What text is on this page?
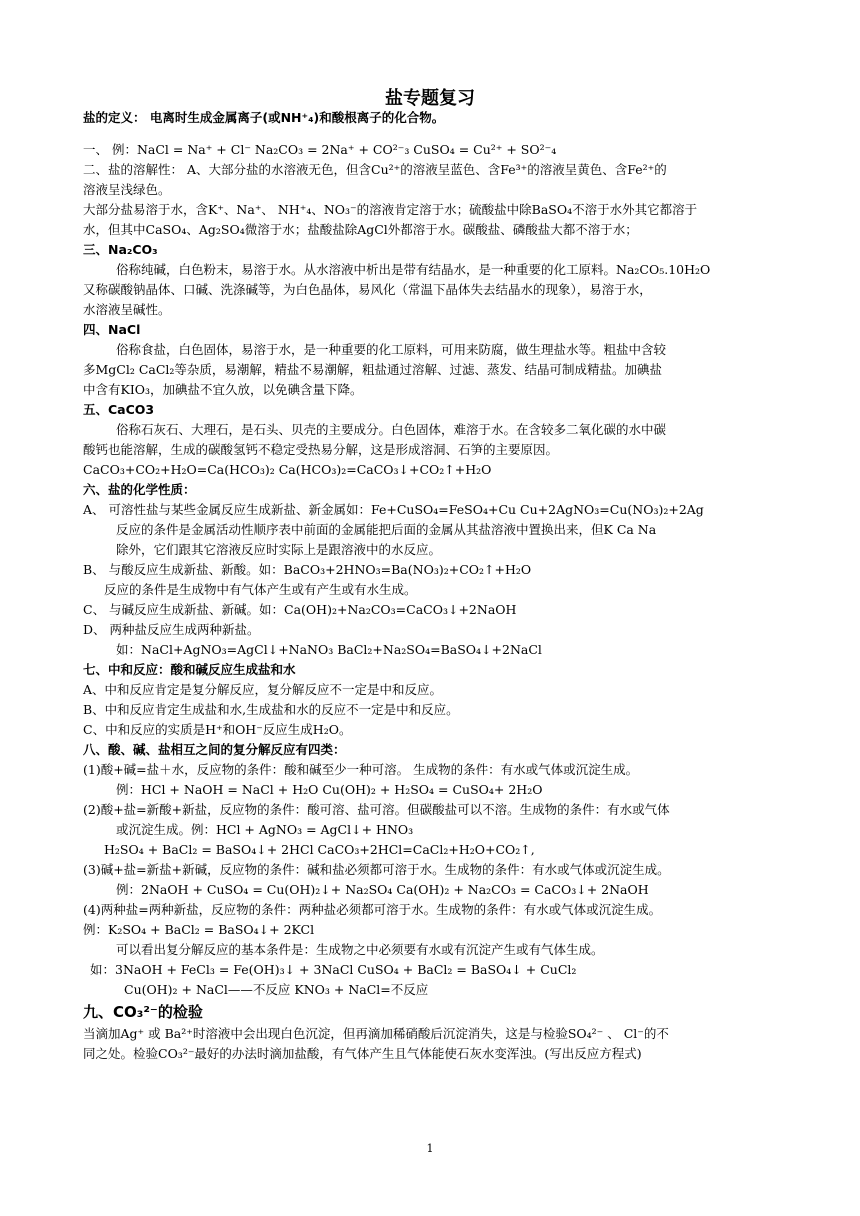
盐专题复习
盐的定义： 电离时生成金属离子(或NH⁺₄)和酸根离子的化合物。
一、 例：NaCl = Na⁺ + Cl⁻ Na₂CO₃ = 2Na⁺ + CO²⁻₃ CuSO₄ = Cu²⁺ + SO²⁻₄
二、盐的溶解性： A、大部分盐的水溶液无色，但含Cu²⁺的溶液呈蓝色、含Fe³⁺的溶液呈黄色、含Fe²⁺的
溶液呈浅绿色。
大部分盐易溶于水，含K⁺、Na⁺、 NH⁺₄、NO₃⁻的溶液肯定溶于水；硫酸盐中除BaSO₄不溶于水外其它都溶于
水，但其中CaSO₄、Ag₂SO₄微溶于水；盐酸盐除AgCl外都溶于水。碳酸盐、磷酸盐大都不溶于水；
三、Na₂CO₃
俗称纯碱，白色粉末，易溶于水。从水溶液中析出是带有结晶水，是一种重要的化工原料。Na₂CO₅.10H₂O
又称碳酸钠晶体、口碱、洗涤碱等，为白色晶体，易风化（常温下晶体失去结晶水的现象），易溶于水，
水溶液呈碱性。
四、NaCl
俗称食盐，白色固体，易溶于水，是一种重要的化工原料，可用来防腐，做生理盐水等。粗盐中含较
多MgCl₂ CaCl₂等杂质，易潮解，精盐不易潮解，粗盐通过溶解、过滤、蒸发、结晶可制成精盐。加碘盐
中含有KIO₃，加碘盐不宜久放，以免碘含量下降。
五、CaCO3
俗称石灰石、大理石，是石头、贝壳的主要成分。白色固体，难溶于水。在含较多二氧化碳的水中碳
酸钙也能溶解，生成的碳酸氢钙不稳定受热易分解，这是形成溶洞、石笋的主要原因。
CaCO₃+CO₂+H₂O=Ca(HCO₃)₂ Ca(HCO₃)₂=CaCO₃↓+CO₂↑+H₂O
六、盐的化学性质：
A、 可溶性盐与某些金属反应生成新盐、新金属如：Fe+CuSO₄=FeSO₄+Cu Cu+2AgNO₃=Cu(NO₃)₂+2Ag
反应的条件是金属活动性顺序表中前面的金属能把后面的金属从其盐溶液中置换出来，但K Ca Na
除外，它们跟其它溶液反应时实际上是跟溶液中的水反应。
B、 与酸反应生成新盐、新酸。如：BaCO₃+2HNO₃=Ba(NO₃)₂+CO₂↑+H₂O
反应的条件是生成物中有气体产生或有产生或有水生成。
C、 与碱反应生成新盐、新碱。如：Ca(OH)₂+Na₂CO₃=CaCO₃↓+2NaOH
D、 两种盐反应生成两种新盐。
如：NaCl+AgNO₃=AgCl↓+NaNO₃ BaCl₂+Na₂SO₄=BaSO₄↓+2NaCl
七、中和反应：酸和碱反应生成盐和水
A、中和反应肯定是复分解反应，复分解反应不一定是中和反应。
B、中和反应肯定生成盐和水,生成盐和水的反应不一定是中和反应。
C、中和反应的实质是H⁺和OH⁻反应生成H₂O。
八、酸、碱、盐相互之间的复分解反应有四类：
(1)酸+碱=盐＋水，反应物的条件：酸和碱至少一种可溶。 生成物的条件：有水或气体或沉淀生成。
例：HCl + NaOH = NaCl + H₂O Cu(OH)₂ + H₂SO₄ = CuSO₄+ 2H₂O
(2)酸+盐=新酸+新盐，反应物的条件：酸可溶、盐可溶。但碳酸盐可以不溶。生成物的条件：有水或气体
或沉淀生成。例：HCl + AgNO₃ = AgCl↓+ HNO₃
H₂SO₄ + BaCl₂ = BaSO₄↓+ 2HCl CaCO₃+2HCl=CaCl₂+H₂O+CO₂↑,
(3)碱+盐=新盐+新碱，反应物的条件：碱和盐必须都可溶于水。生成物的条件：有水或气体或沉淀生成。
例：2NaOH + CuSO₄ = Cu(OH)₂↓+ Na₂SO₄ Ca(OH)₂ + Na₂CO₃ = CaCO₃↓+ 2NaOH
(4)两种盐=两种新盐，反应物的条件：两种盐必须都可溶于水。生成物的条件：有水或气体或沉淀生成。
例：K₂SO₄ + BaCl₂ = BaSO₄↓+ 2KCl
可以看出复分解反应的基本条件是：生成物之中必须要有水或有沉淀产生或有气体生成。
如：3NaOH + FeCl₃ = Fe(OH)₃↓ + 3NaCl CuSO₄ + BaCl₂ = BaSO₄↓ + CuCl₂
Cu(OH)₂ + NaCl——不反应 KNO₃ + NaCl=不反应
九、CO₃²⁻的检验
当滴加Ag⁺ 或 Ba²⁺时溶液中会出现白色沉淀，但再滴加稀硝酸后沉淀消失，这是与检验SO₄²⁻ 、 Cl⁻的不
同之处。检验CO₃²⁻最好的办法时滴加盐酸，有气体产生且气体能使石灰水变浑浊。(写出反应方程式)
1
